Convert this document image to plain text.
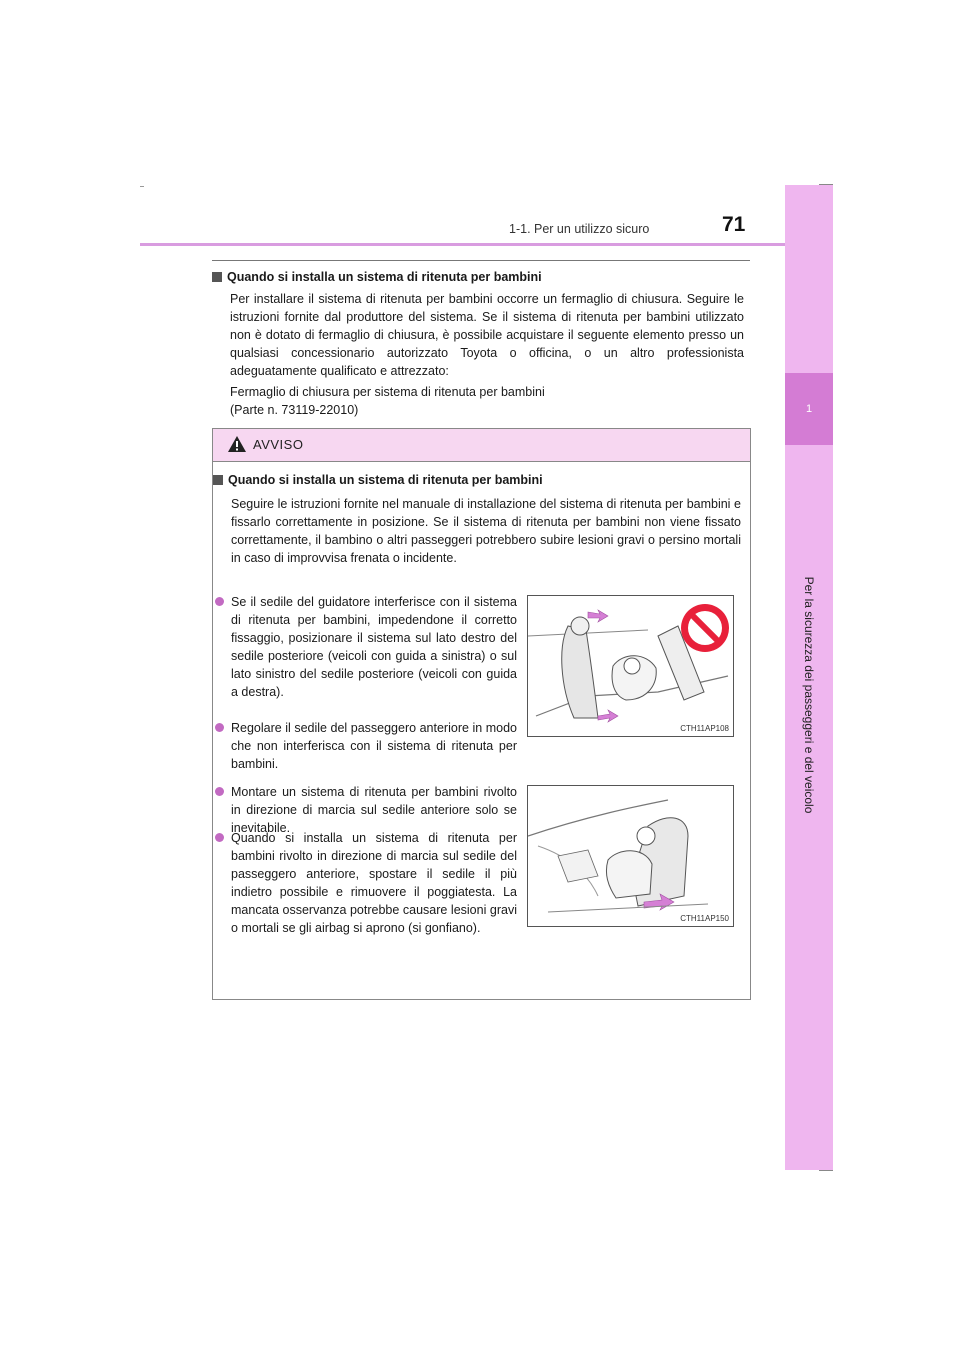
1-1. Per un utilizzo sicuro	71
1
Per la sicurezza dei passeggeri e del veicolo
Quando si installa un sistema di ritenuta per bambini
Per installare il sistema di ritenuta per bambini occorre un fermaglio di chiusura. Seguire le istruzioni fornite dal produttore del sistema. Se il sistema di ritenuta per bambini utilizzato non è dotato di fermaglio di chiusura, è possibile acquistare il seguente elemento presso un qualsiasi concessionario autorizzato Toyota o officina, o un altro professionista adeguatamente qualificato e attrezzato:
Fermaglio di chiusura per sistema di ritenuta per bambini
(Parte n. 73119-22010)
AVVISO
Quando si installa un sistema di ritenuta per bambini
Seguire le istruzioni fornite nel manuale di installazione del sistema di ritenuta per bambini e fissarlo correttamente in posizione. Se il sistema di ritenuta per bambini non viene fissato correttamente, il bambino o altri passeggeri potrebbero subire lesioni gravi o persino mortali in caso di improvvisa frenata o incidente.
Se il sedile del guidatore interferisce con il sistema di ritenuta per bambini, impedendone il corretto fissaggio, posizionare il sistema sul lato destro del sedile posteriore (veicoli con guida a sinistra) o sul lato sinistro del sedile posteriore (veicoli con guida a destra).
Regolare il sedile del passeggero anteriore in modo che non interferisca con il sistema di ritenuta per bambini.
Montare un sistema di ritenuta per bambini rivolto in direzione di marcia sul sedile anteriore solo se inevitabile.
Quando si installa un sistema di ritenuta per bambini rivolto in direzione di marcia sul sedile del passeggero anteriore, spostare il sedile il più indietro possibile e rimuovere il poggiatesta. La mancata osservanza potrebbe causare lesioni gravi o mortali se gli airbag si aprono (si gonfiano).
CTH11AP108
CTH11AP150
